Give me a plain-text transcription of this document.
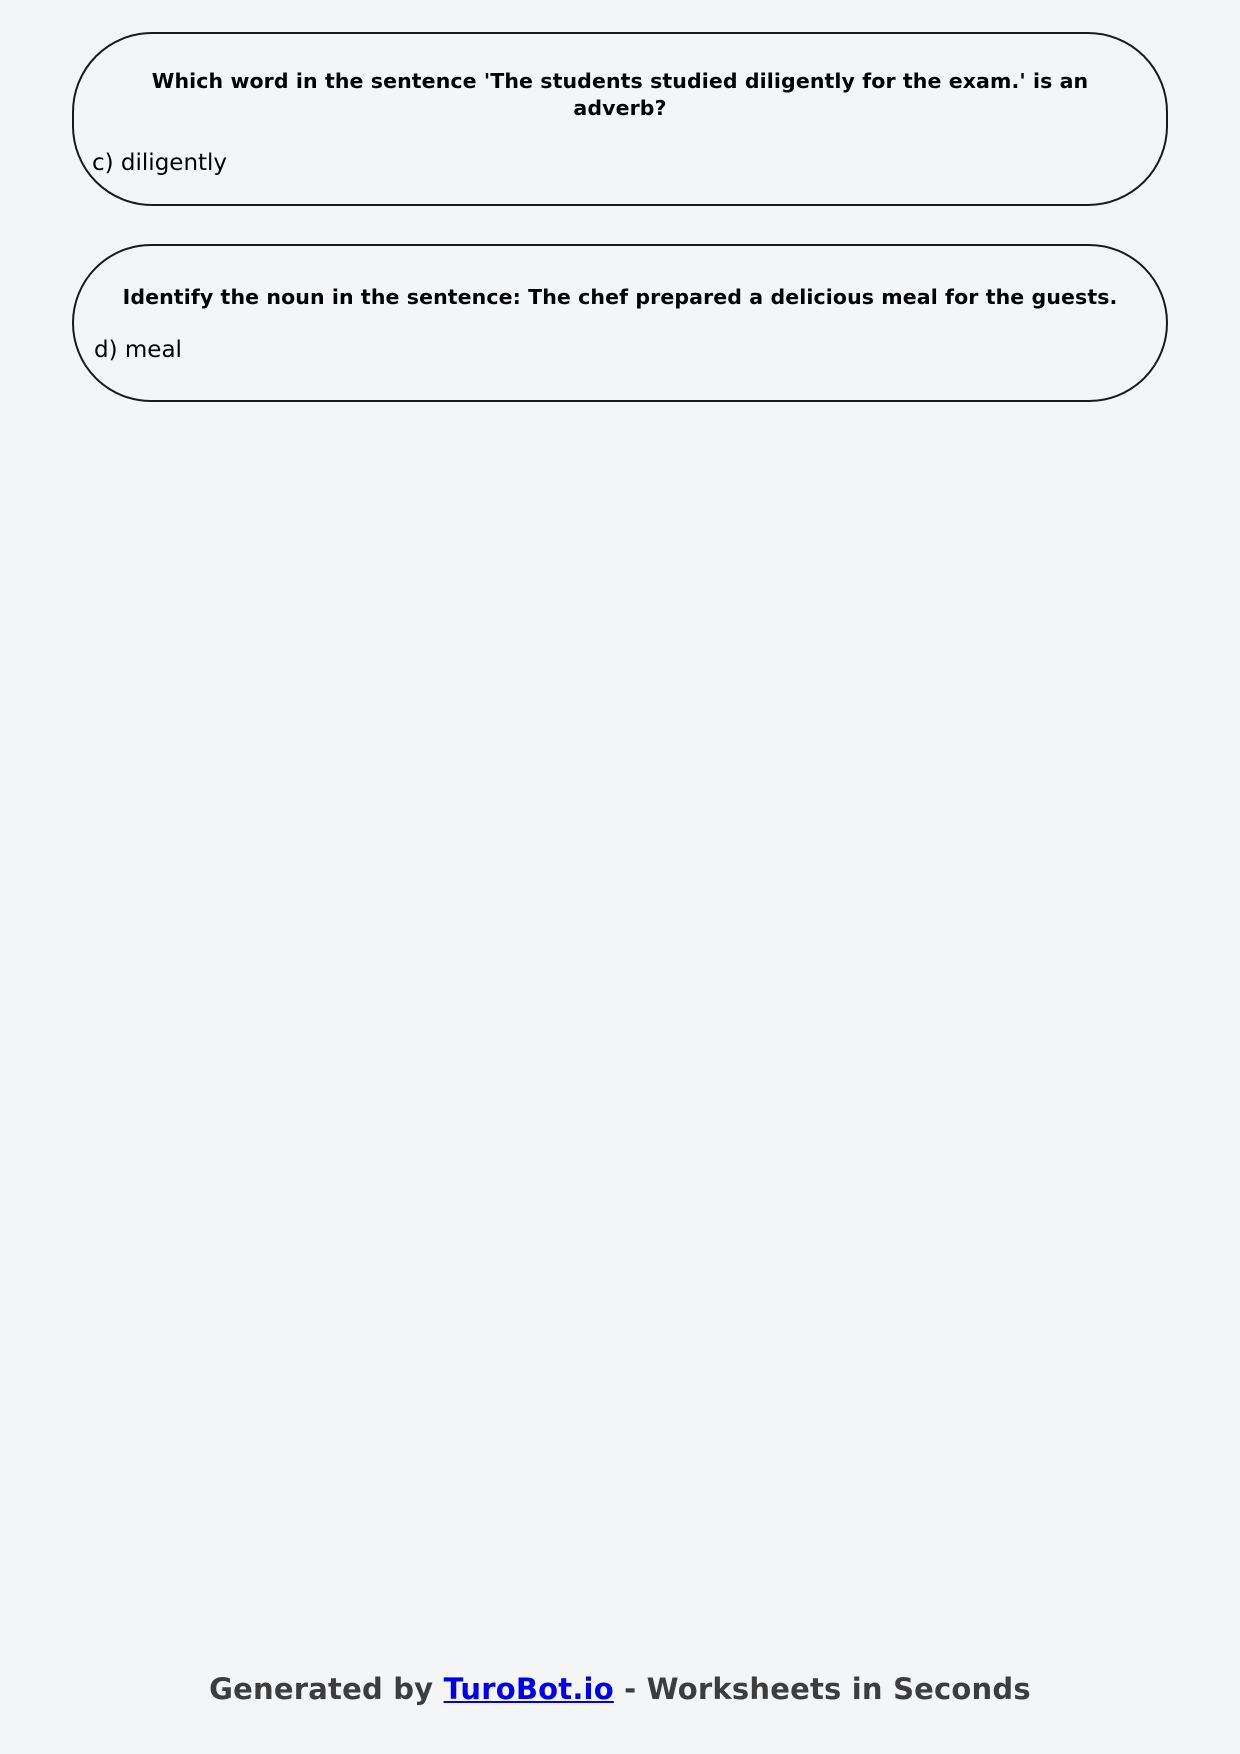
Which word in the sentence 'The students studied diligently for the exam.' is an adverb?
c) diligently
Identify the noun in the sentence: The chef prepared a delicious meal for the guests.
d) meal
Generated by TuroBot.io - Worksheets in Seconds
